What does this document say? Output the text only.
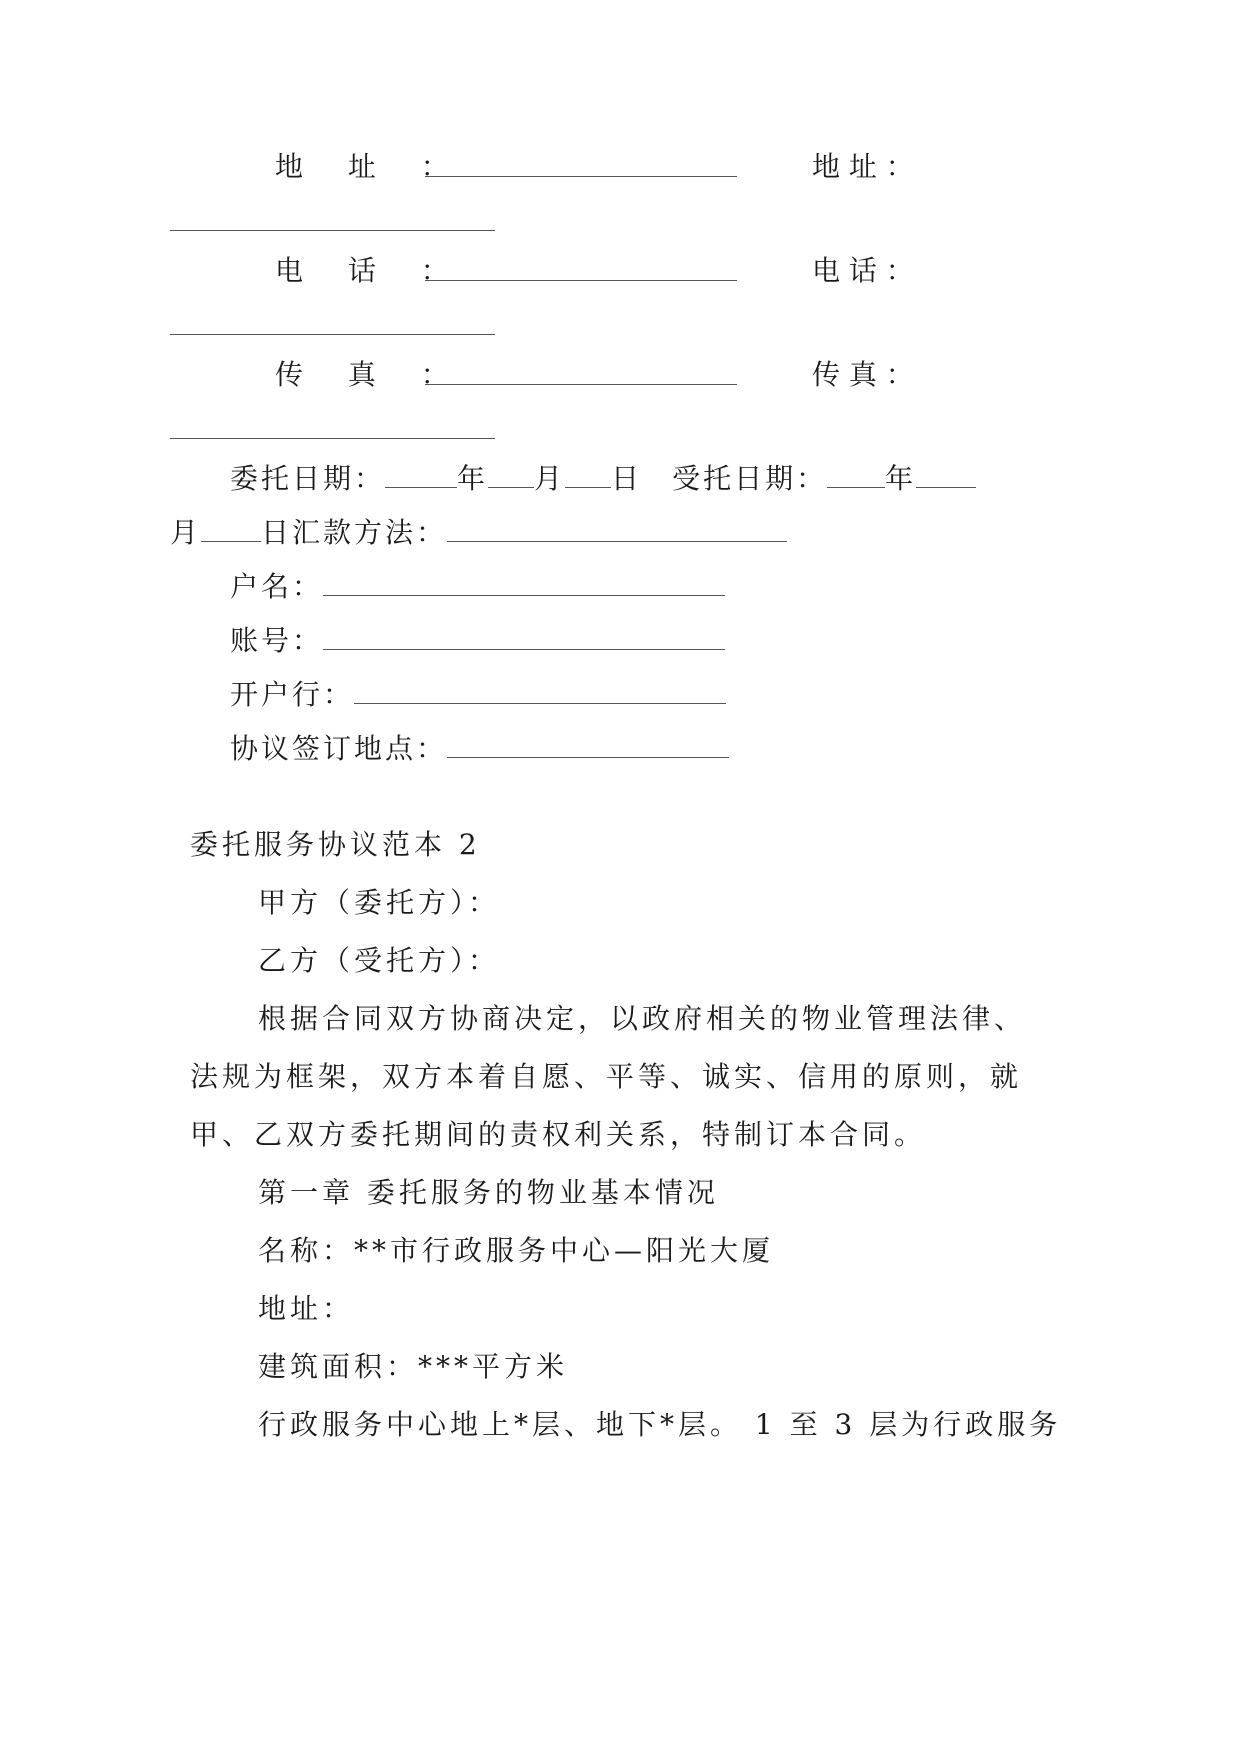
地 址 ：	地 址 ：
电 话 ：	电 话 ：
传 真 ：	传 真 ：
委托日期：	年 月 日 受托日期： 年
月 日汇款方法：
户名：
账号：
开户行：
协议签订地点：

委托服务协议范本 2

甲方（委托方）：

乙方（受托方）：

根据合同双方协商决定，以政府相关的物业管理法律、

法规为框架，双方本着自愿、平等、诚实、信用的原则，就

甲、乙双方委托期间的责权利关系，特制订本合同。

第一章 委托服务的物业基本情况

名称：**市行政服务中心—阳光大厦

地址：

建筑面积：***平方米

行政服务中心地上*层、地下*层。 1 至 3 层为行政服务
